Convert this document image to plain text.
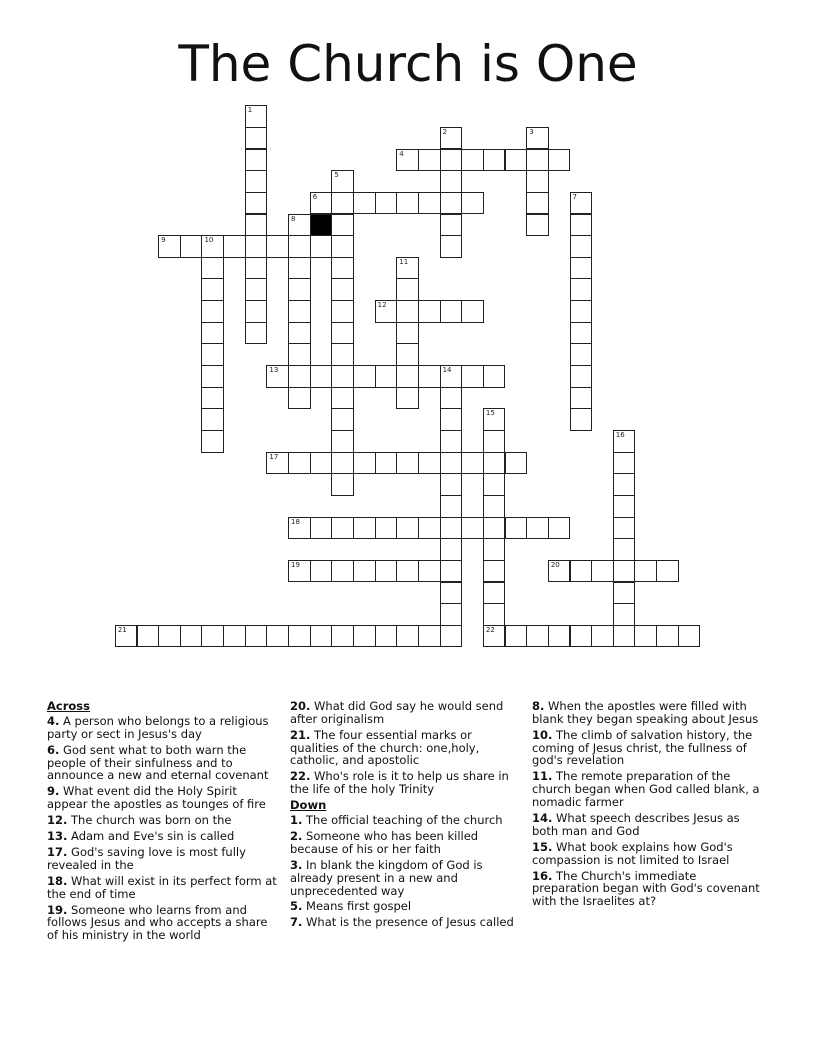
The Church is One
1
2	3
4
5
6	7
8
9	10
11
12
13	14
15
22
16
17
18
19	20
21
Across
4. A person who belongs to a religious party or sect in Jesus's day
6. God sent what to both warn the people of their sinfulness and to announce a new and eternal covenant
9. What event did the Holy Spirit appear the apostles as tounges of fire
12. The church was born on the
13. Adam and Eve's sin is called
17. God's saving love is most fully revealed in the
18. What will exist in its perfect form at the end of time
19. Someone who learns from and follows Jesus and who accepts a share of his ministry in the world
20. What did God say he would send after originalism
21. The four essential marks or qualities of the church: one,holy, catholic, and apostolic
22. Who's role is it to help us share in the life of the holy Trinity
Down
1. The official teaching of the church
2. Someone who has been killed because of his or her faith
3. In blank the kingdom of God is already present in a new and unprecedented way
5. Means first gospel
7. What is the presence of Jesus called
8. When the apostles were filled with blank they began speaking about Jesus
10. The climb of salvation history, the coming of Jesus christ, the fullness of god's revelation
11. The remote preparation of the church began when God called blank, a nomadic farmer
14. What speech describes Jesus as both man and God
15. What book explains how God's compassion is not limited to Israel
16. The Church's immediate preparation began with God's covenant with the Israelites at?
